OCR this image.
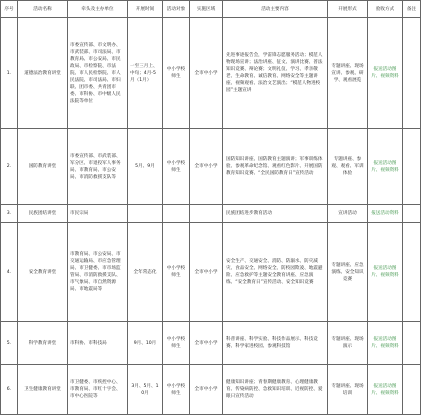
序号	活动名称	牵头及主办单位	开展时间	活动对象	实施区域	活动主要内容	开展形式	验收方式	备注
1.	道德法治教育讲堂	市委宣传部、市文明办、市武装部、市司法局、市教育局、市公安局、市民政局、市检察院、市法院、市人民检察院、市人民法院、市司法局、市妇联、团市委、共青团市委、市科协、市中级人民法院等单位	一至三月上、中旬；4月-5月（1月）	中小学校师生	全市中小学	先进事迹报告会，学雷锋志愿服务活动；模范人物现场宣讲；法治讲座、征文、演讲比赛、普法知识竞赛、辩论赛；文明礼仪、学习、孝亲敬老、生命教育、诚信教育、网络安全等主题讲座、视频观看、法治文艺演出；“模范人物进校园”主题宣讲	专题讲座、现场宣讲、参观、研学、观看展览	报送活动图片、视频资料	
2.	国防教育讲堂	市委宣传部、市武装部、军分区、市退役军人事务局、市教育局、市公安局、市消防救援支队等	5月、9月	中小学校师生	全市中小学	国防知识讲座、国防教育主题演讲；军事训练体验、参观革命纪念馆、观看红色影片、开展国防教育知识竞赛、“全民国防教育日”宣传活动	专题讲座、参观、观看、军训体验	报送活动图片、视频资料	
3.	民族团结讲堂	市民宗局				民族团结进步教育活动	宣讲活动	报送活动资料	
4.	安全教育讲堂	市教育局、市公安局、市交通运输局、市应急管理局、市卫健委、市市场监管局、市消防救援支队、市气象局、市自然资源局、市地震局等	全年常态化	中小学校师生	全市中小学	安全生产、交通安全、消防、防溺水、防灾减灾、食品安全、网络安全、防校园欺凌、地震避险、应急救护等主题安全教育讲座、应急演练、“安全教育日”宣传活动、安全知识竞赛	专题讲座、应急演练、安全知识竞赛	报送活动图片、视频资料	
5.	科学教育讲堂	市科协、市科技局	9月、10月	中小学校师生	全市中小学	科普讲座、科学实验、科技作品展示、科技竞赛、科学家进校园、参观科技馆	专题讲座、现场演示	报送活动图片、视频资料	
6.	卫生健康教育讲堂	市卫健委、市疾控中心、市教育局、市红十字会、市中心医院等	3月、5月、10月	中小学校师生	全市中小学	健康知识讲座；青春期健康教育、心理健康教育、传染病防控、急救知识培训、近视防控、爱眼日宣传活动	专题讲座、现场培训	报送活动图片、视频资料	
